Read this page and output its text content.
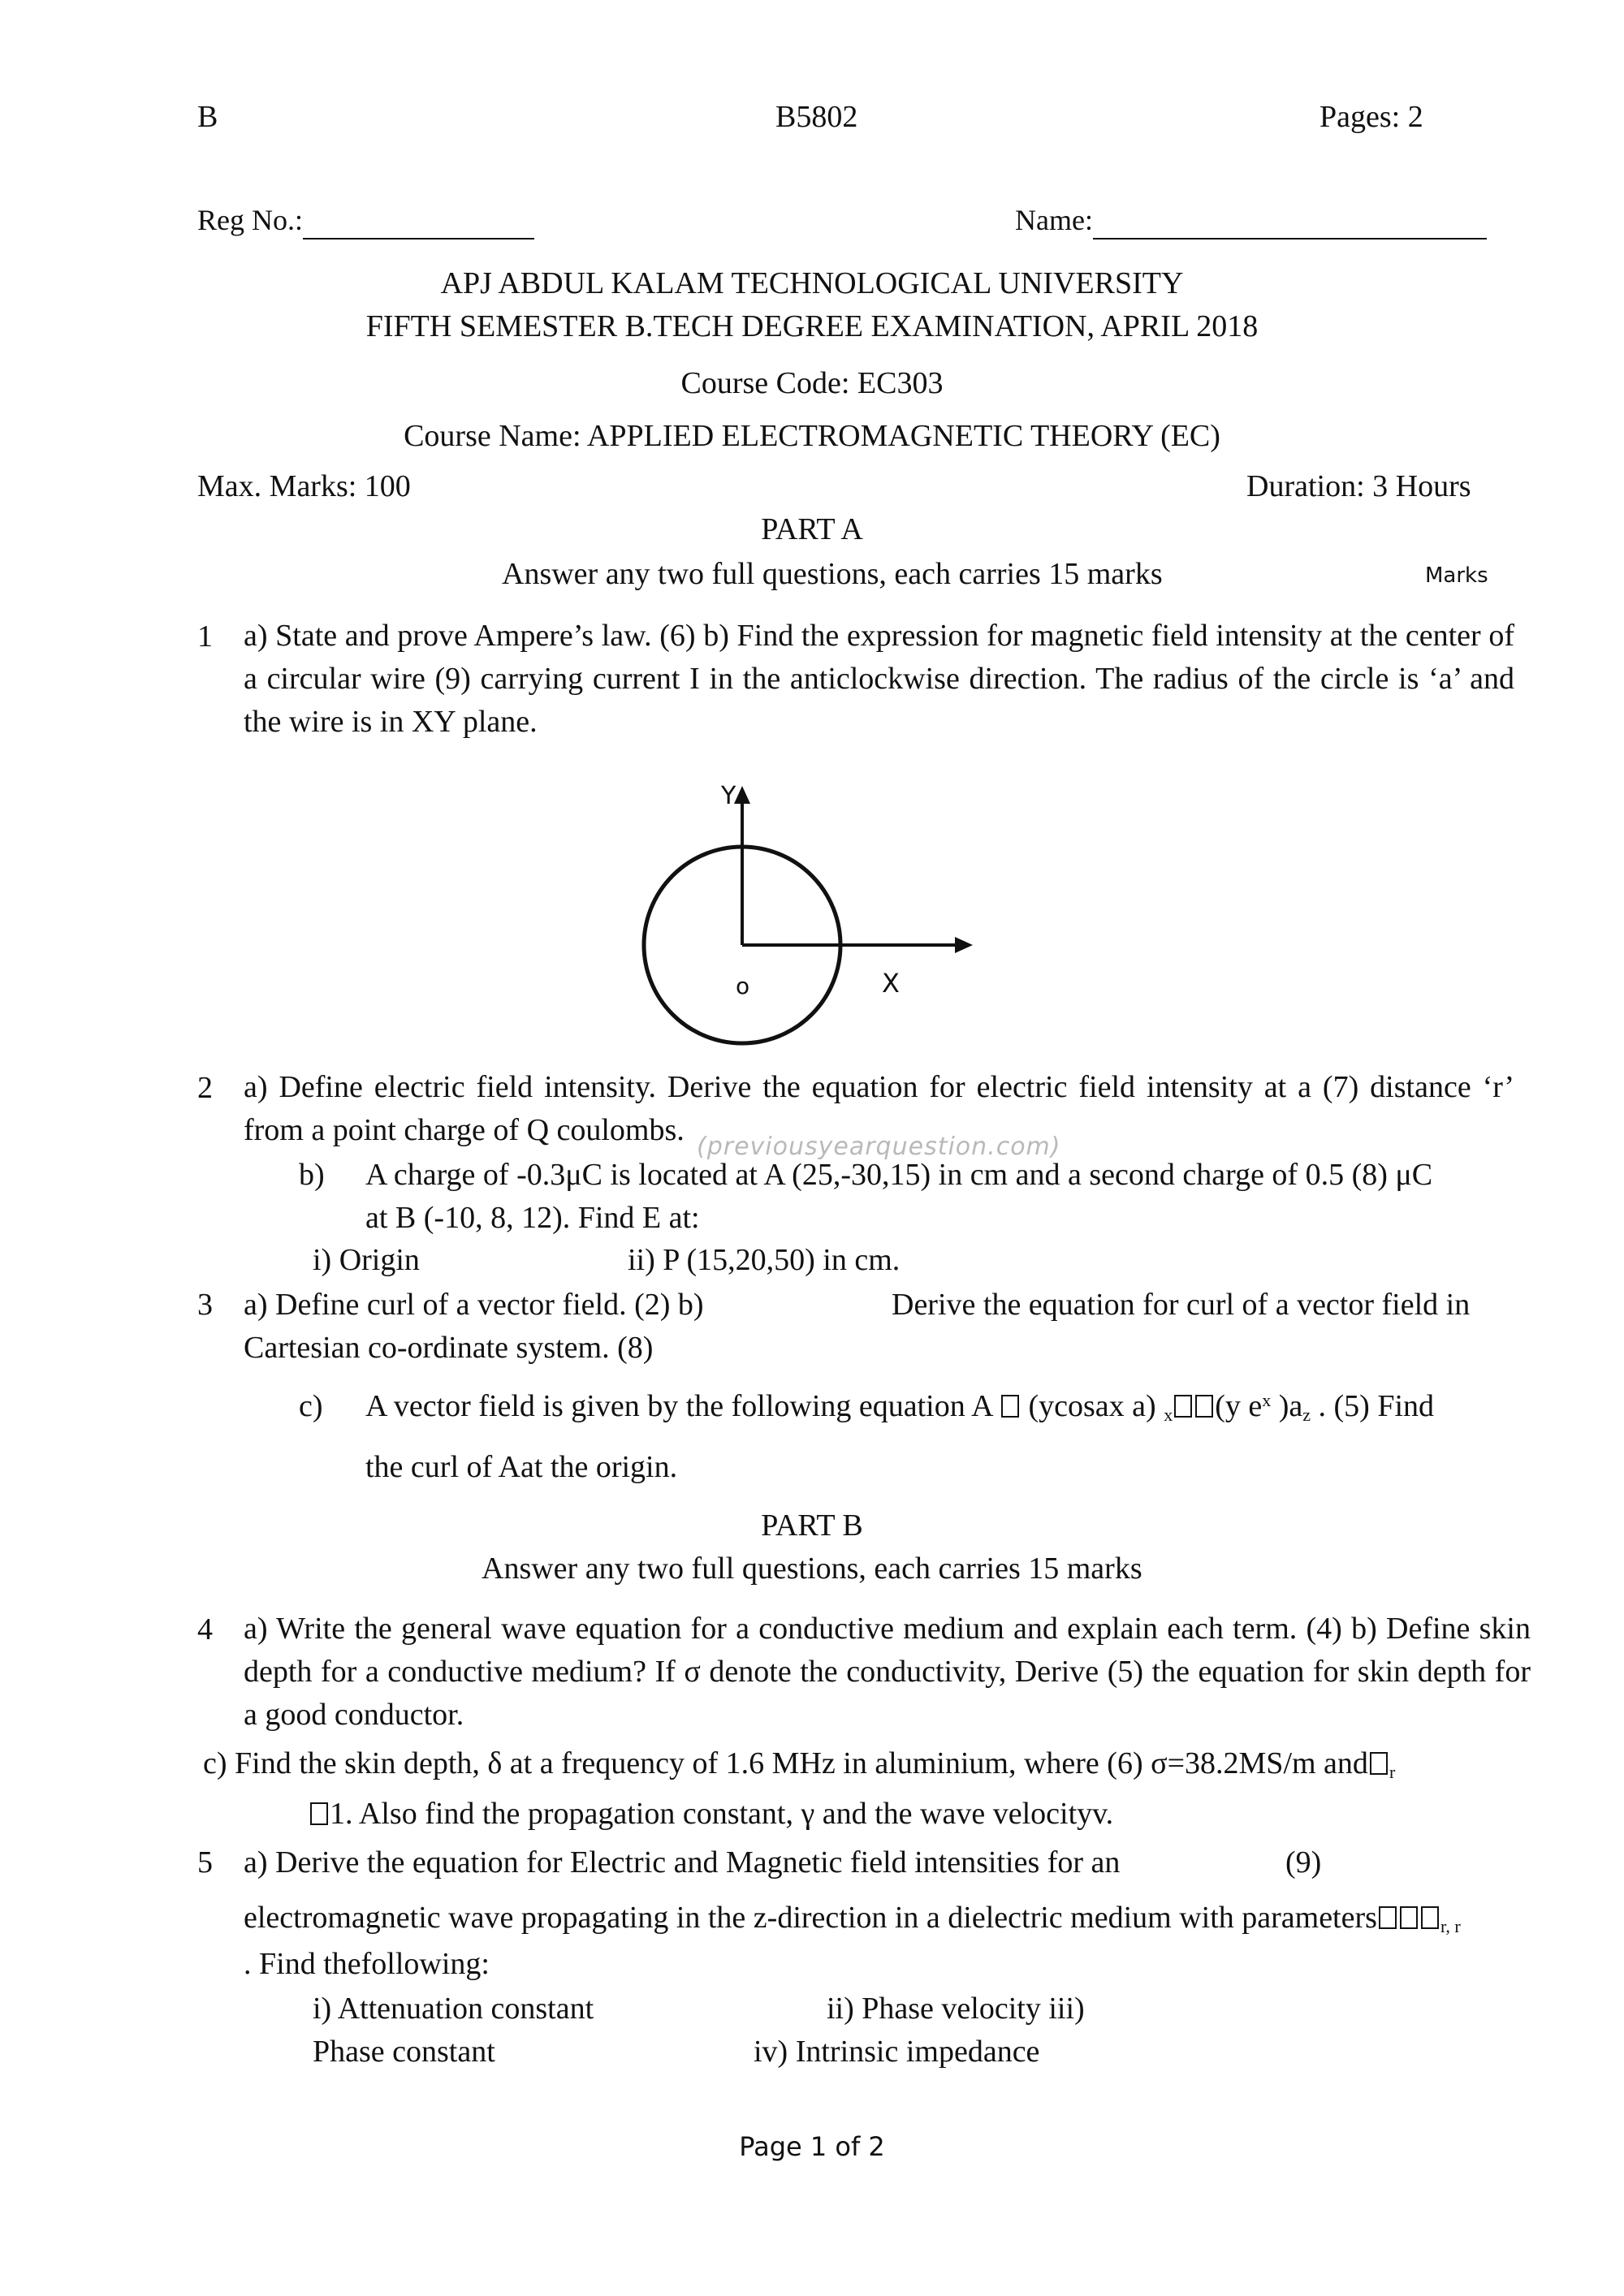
B	B5802	Pages: 2
Reg No.:	Name:
APJ ABDUL KALAM TECHNOLOGICAL UNIVERSITY
FIFTH SEMESTER B.TECH DEGREE EXAMINATION, APRIL 2018
Course Code: EC303
Course Name: APPLIED ELECTROMAGNETIC THEORY (EC)
Max. Marks: 100	Duration: 3 Hours
PART A
Answer any two full questions, each carries 15 marks	Marks
1 a) State and prove Ampere’s law. (6) b) Find the expression for magnetic field intensity at the center of a circular wire (9) carrying current I in the anticlockwise direction. The radius of the circle is ‘a’ and the wire is in XY plane.
Y
X
o
2 a) Define electric field intensity. Derive the equation for electric field intensity at a (7) distance ‘r’ from a point charge of Q coulombs.
b) A charge of -0.3μC is located at A (25,-30,15) in cm and a second charge of 0.5 (8) μC
at B (-10, 8, 12). Find E at:
i) Origin	ii) P (15,20,50) in cm.
(previousyearquestion.com)
3 a) Define curl of a vector field. (2) b)	Derive the equation for curl of a vector field in
Cartesian co-ordinate system. (8)
c) A vector field is given by the following equation A (ycosax a) $_x$ (y $e^x$ )$a_z$ . (5) Find
the curl of Aat the origin.
PART B
Answer any two full questions, each carries 15 marks
4 a) Write the general wave equation for a conductive medium and explain each term. (4) b) Define skin depth for a conductive medium? If σ denote the conductivity, Derive (5) the equation for skin depth for a good conductor.
c) Find the skin depth, δ at a frequency of 1.6 MHz in aluminium, where (6) σ=38.2MS/m and $_r$
1. Also find the propagation constant, γ and the wave velocityv.
5 a) Derive the equation for Electric and Magnetic field intensities for an	(9)
electromagnetic wave propagating in the z-direction in a dielectric medium with parameters	$_{r, r}$
. Find thefollowing:
i) Attenuation constant	ii) Phase velocity iii)
Phase constant	iv) Intrinsic impedance
Page 1 of 2
